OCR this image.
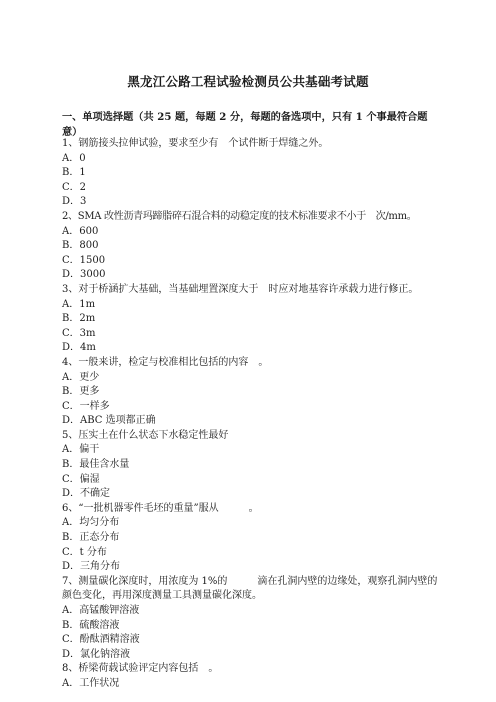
黑龙江公路工程试验检测员公共基础考试题
一、单项选择题（共 25 题，每题 2 分，每题的备选项中，只有 1 个事最符合题意）
1、钢筋接头拉伸试验，要求至少有　个试件断于焊缝之外。
A．0
B．1
C．2
D．3
2、SMA 改性沥青玛蹄脂碎石混合料的动稳定度的技术标准要求不小于　次/mm。
A．600
B．800
C．1500
D．3000
3、对于桥涵扩大基础，当基础埋置深度大于　时应对地基容许承载力进行修正。
A．1m
B．2m
C．3m
D．4m
4、一般来讲，检定与校准相比包括的内容　。
A．更少
B．更多
C．一样多
D．ABC 选项都正确
5、压实土在什么状态下水稳定性最好
A．偏干
B．最佳含水量
C．偏湿
D．不确定
6、“一批机器零件毛坯的重量”服从　　　。
A．均匀分布
B．正态分布
C．t 分布
D．三角分布
7、测量碳化深度时，用浓度为 1%的　　　滴在孔洞内壁的边缘处，观察孔洞内壁的颜色变化，再用深度测量工具测量碳化深度。
A．高锰酸钾溶液
B．硫酸溶液
C．酚酞酒精溶液
D．氯化钠溶液
8、桥梁荷载试验评定内容包括　。
A．工作状况
